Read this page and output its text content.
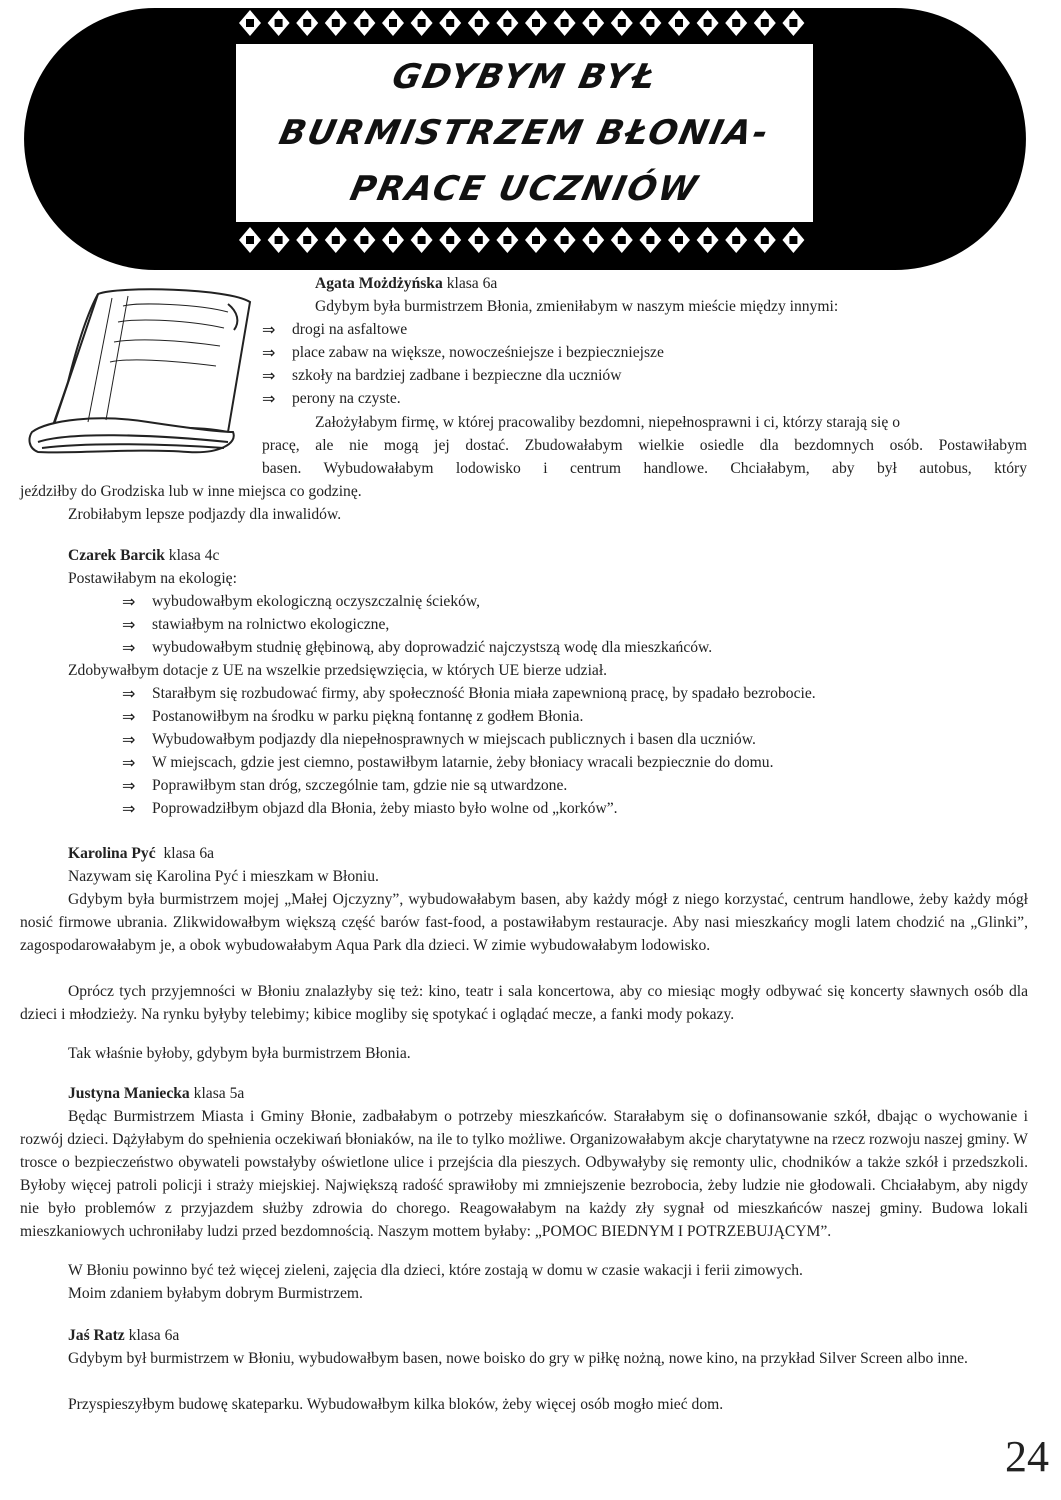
GDYBYM BYŁ
BURMISTRZEM BŁONIA-
PRACE UCZNIÓW
Agata Możdżyńska klasa 6a
Gdybym była burmistrzem Błonia, zmieniłabym w naszym mieście między innymi:
⇒	drogi na asfaltowe
⇒	place zabaw na większe, nowocześniejsze i bezpieczniejsze
⇒	szkoły na bardziej zadbane i bezpieczne dla uczniów
⇒	perony na czyste.
Założyłabym firmę, w której pracowaliby bezdomni, niepełnosprawni i ci, którzy starają się o
pracę, ale nie mogą jej dostać. Zbudowałabym wielkie osiedle dla bezdomnych osób. Postawiłabym
basen. Wybudowałabym lodowisko i centrum handlowe. Chciałabym, aby był autobus, który
jeździłby do Grodziska lub w inne miejsca co godzinę.
Zrobiłabym lepsze podjazdy dla inwalidów.
Czarek Barcik klasa 4c
Postawiłabym na ekologię:
⇒	wybudowałbym ekologiczną oczyszczalnię ścieków,
⇒	stawiałbym na rolnictwo ekologiczne,
⇒	wybudowałbym studnię głębinową, aby doprowadzić najczystszą wodę dla mieszkańców.
Zdobywałbym dotacje z UE na wszelkie przedsięwzięcia, w których UE bierze udział.
⇒	Starałbym się rozbudować firmy, aby społeczność Błonia miała zapewnioną pracę, by spadało bezrobocie.
⇒	Postanowiłbym na środku w parku piękną fontannę z godłem Błonia.
⇒	Wybudowałbym podjazdy dla niepełnosprawnych w miejscach publicznych i basen dla uczniów.
⇒	W miejscach, gdzie jest ciemno, postawiłbym latarnie, żeby błoniacy wracali bezpiecznie do domu.
⇒	Poprawiłbym stan dróg, szczególnie tam, gdzie nie są utwardzone.
⇒	Poprowadziłbym objazd dla Błonia, żeby miasto było wolne od „korków”.
Karolina Pyć klasa 6a
Nazywam się Karolina Pyć i mieszkam w Błoniu.
Gdybym była burmistrzem mojej „Małej Ojczyzny”, wybudowałabym basen, aby każdy mógł z niego korzystać, centrum handlowe, żeby każdy mógł nosić firmowe ubrania. Zlikwidowałbym większą część barów fast-food, a postawiłabym restauracje. Aby nasi mieszkańcy mogli latem chodzić na „Glinki”, zagospodarowałabym je, a obok wybudowałabym Aqua Park dla dzieci. W zimie wybudowałabym lodowisko.
Oprócz tych przyjemności w Błoniu znalazłyby się też: kino, teatr i sala koncertowa, aby co miesiąc mogły odbywać się koncerty sławnych osób dla dzieci i młodzieży. Na rynku byłyby telebimy; kibice mogliby się spotykać i oglądać mecze, a fanki mody pokazy.
Tak właśnie byłoby, gdybym była burmistrzem Błonia.
Justyna Maniecka klasa 5a
Będąc Burmistrzem Miasta i Gminy Błonie, zadbałabym o potrzeby mieszkańców. Starałabym się o dofinansowanie szkół, dbając o wychowanie i rozwój dzieci. Dążyłabym do spełnienia oczekiwań błoniaków, na ile to tylko możliwe. Organizowałabym akcje charytatywne na rzecz rozwoju naszej gminy. W trosce o bezpieczeństwo obywateli powstałyby oświetlone ulice i przejścia dla pieszych. Odbywałyby się remonty ulic, chodników a także szkół i przedszkoli. Byłoby więcej patroli policji i straży miejskiej. Największą radość sprawiłoby mi zmniejszenie bezrobocia, żeby ludzie nie głodowali. Chciałabym, aby nigdy nie było problemów z przyjazdem służby zdrowia do chorego. Reagowałabym na każdy zły sygnał od mieszkańców naszej gminy. Budowa lokali mieszkaniowych uchroniłaby ludzi przed bezdomnością. Naszym mottem byłaby: „POMOC BIEDNYM I POTRZEBUJĄCYM”.
W Błoniu powinno być też więcej zieleni, zajęcia dla dzieci, które zostają w domu w czasie wakacji i ferii zimowych.
Moim zdaniem byłabym dobrym Burmistrzem.
Jaś Ratz klasa 6a
Gdybym był burmistrzem w Błoniu, wybudowałbym basen, nowe boisko do gry w piłkę nożną, nowe kino, na przykład Silver Screen albo inne.
Przyspieszyłbym budowę skateparku. Wybudowałbym kilka bloków, żeby więcej osób mogło mieć dom.
24
